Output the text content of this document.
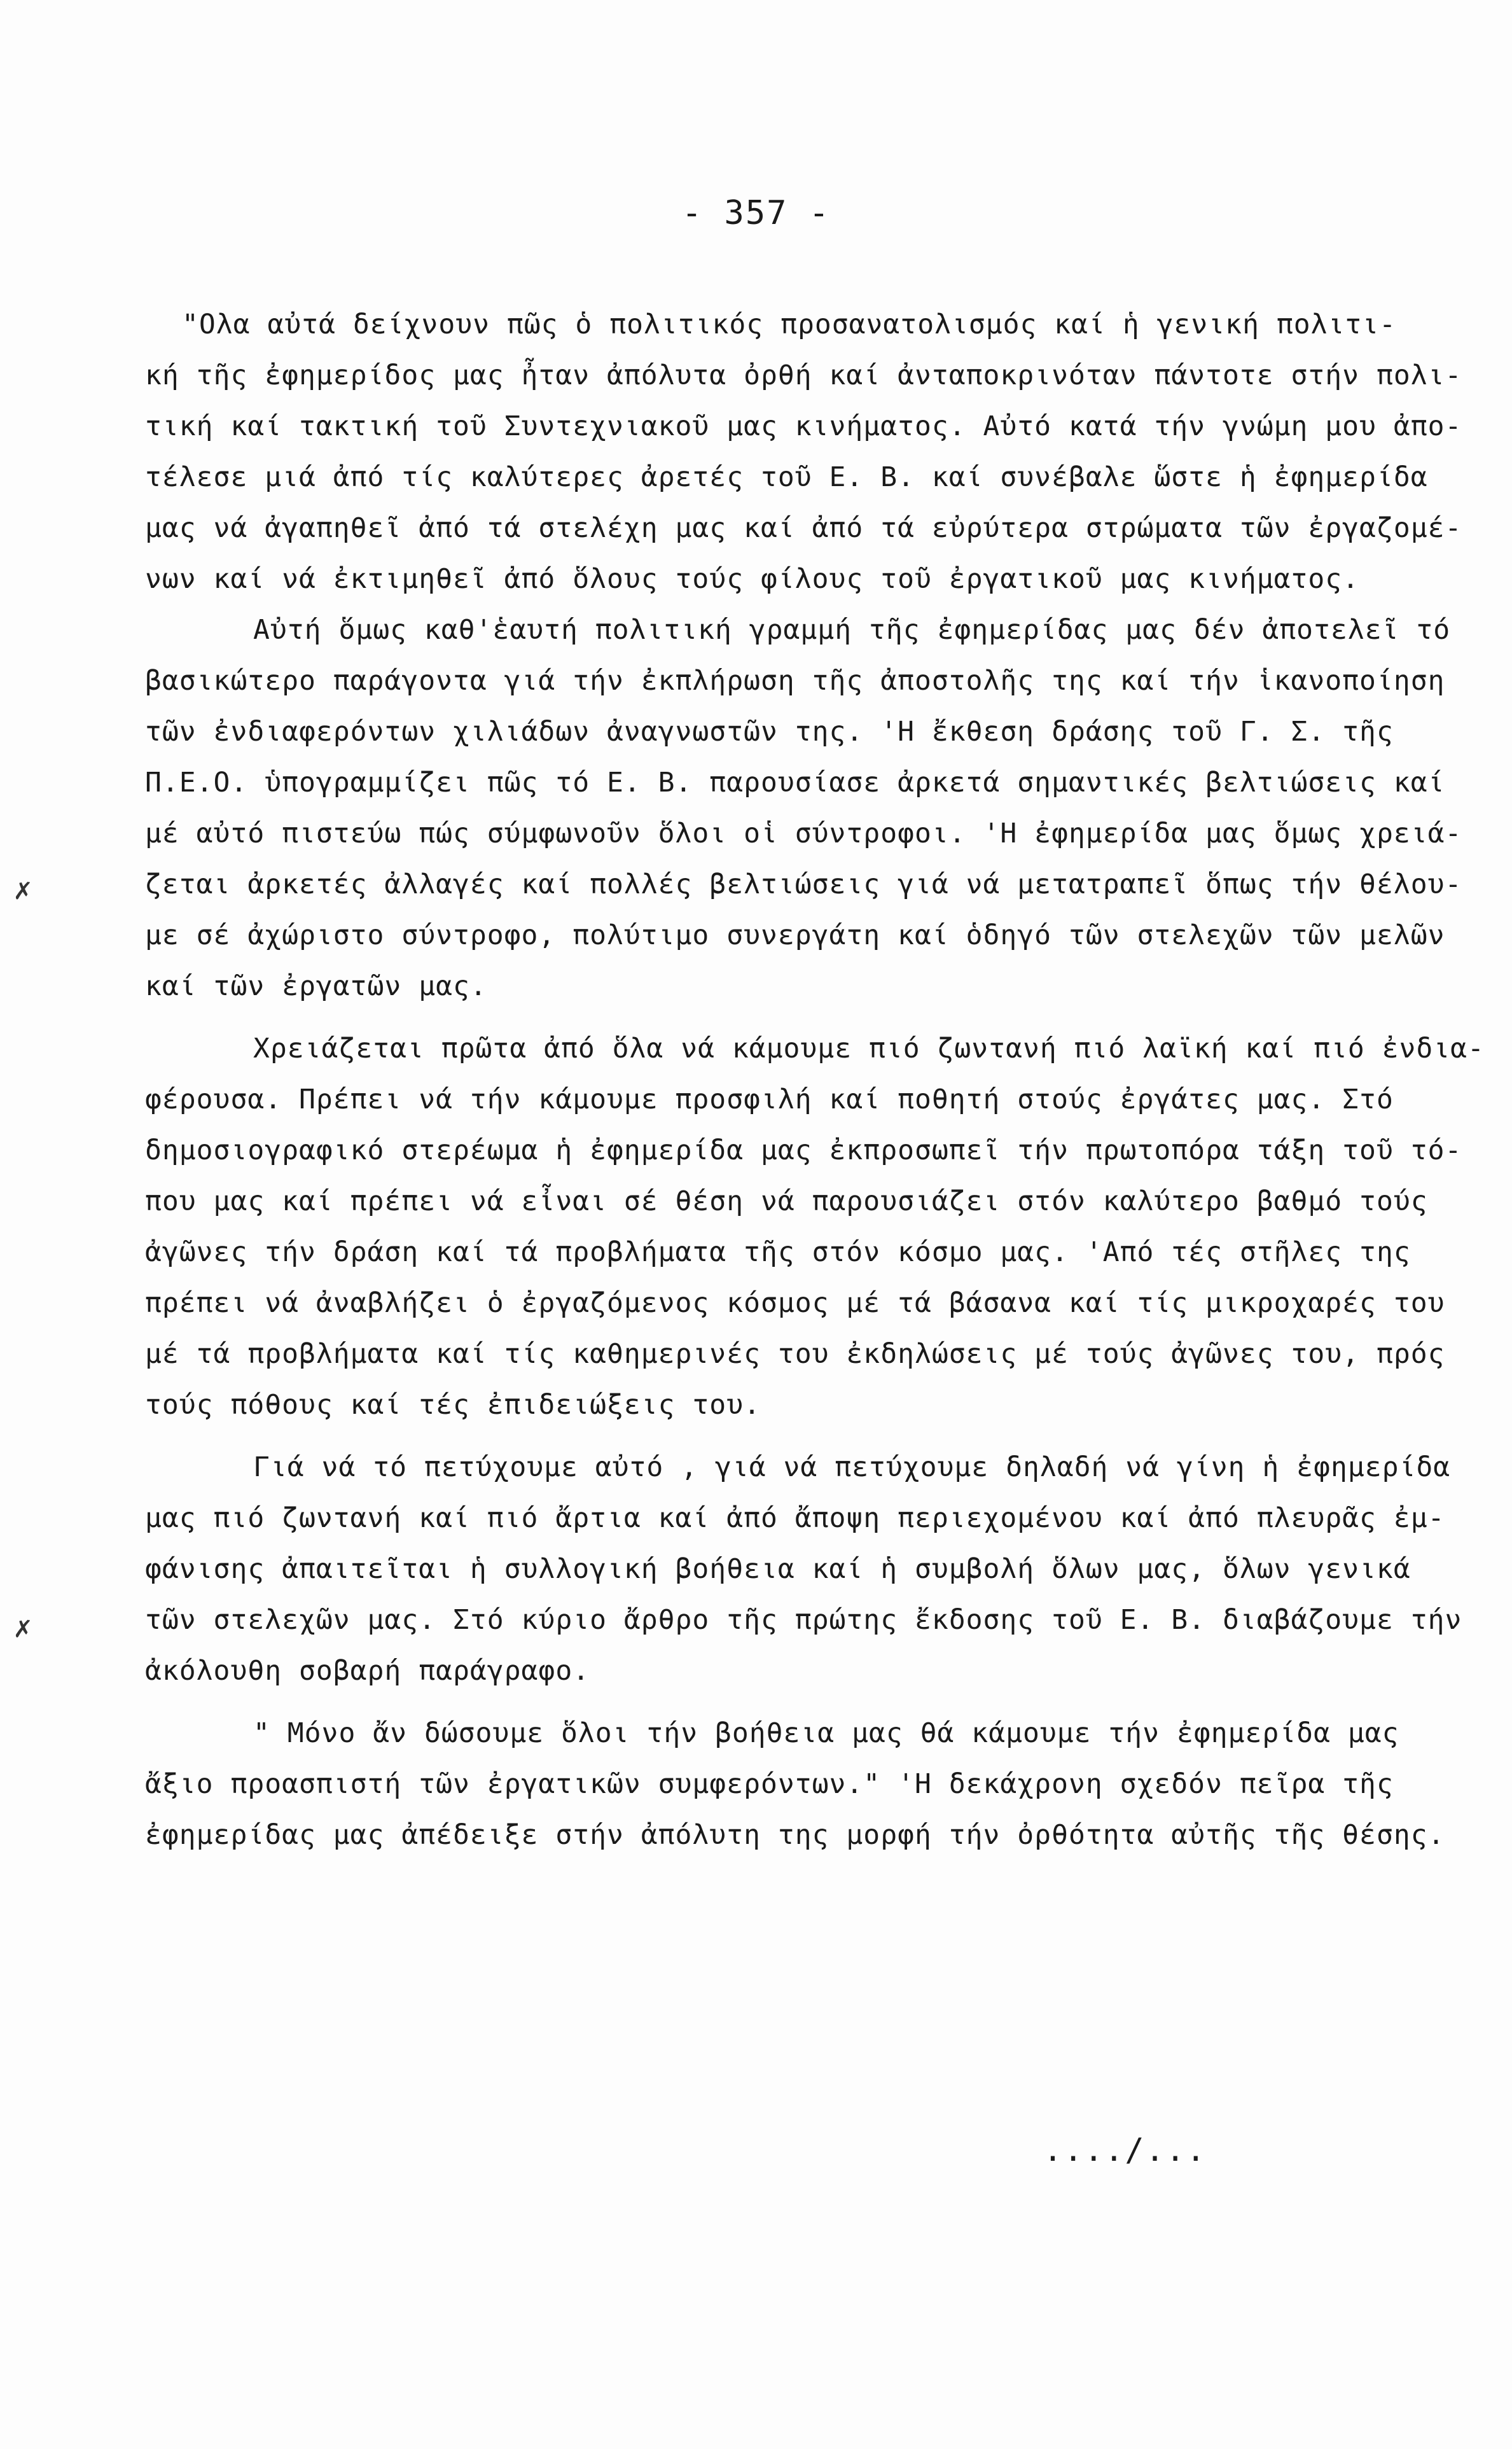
- 357 -
"Ολα αὐτά δείχνουν πῶς ὁ πολιτικός προσανατολισμός καί ἡ γενική πολιτι-
κή τῆς ἐφημερίδος μας ἦταν ἀπόλυτα ὀρθή καί ἀνταποκρινόταν πάντοτε στήν πολι-
τική καί τακτική τοῦ Συντεχνιακοῦ μας κινήματος. Αὐτό κατά τήν γνώμη μου ἀπο-
τέλεσε μιά ἀπό τίς καλύτερες ἀρετές τοῦ Ε. Β. καί συνέβαλε ὥστε ἡ ἐφημερίδα
μας νά ἀγαπηθεῖ ἀπό τά στελέχη μας καί ἀπό τά εὐρύτερα στρώματα τῶν ἐργαζομέ-
νων καί νά ἐκτιμηθεῖ ἀπό ὅλους τούς φίλους τοῦ ἐργατικοῦ μας κινήματος.
Αὐτή ὅμως καθ'ἑαυτή πολιτική γραμμή τῆς ἐφημερίδας μας δέν ἀποτελεῖ τό
βασικώτερο παράγοντα γιά τήν ἐκπλήρωση τῆς ἀποστολῆς της καί τήν ἱκανοποίηση
τῶν ἐνδιαφερόντων χιλιάδων ἀναγνωστῶν της. 'Η ἔκθεση δράσης τοῦ Γ. Σ. τῆς
Π.Ε.Ο. ὑπογραμμίζει πῶς τό Ε. Β. παρουσίασε ἀρκετά σημαντικές βελτιώσεις καί
μέ αὐτό πιστεύω πώς σύμφωνοῦν ὅλοι οἱ σύντροφοι. 'Η ἐφημερίδα μας ὅμως χρειά-
ζεται ἀρκετές ἀλλαγές καί πολλές βελτιώσεις γιά νά μετατραπεῖ ὅπως τήν θέλου-
με σέ ἀχώριστο σύντροφο, πολύτιμο συνεργάτη καί ὁδηγό τῶν στελεχῶν τῶν μελῶν
καί τῶν ἐργατῶν μας.
Χρειάζεται πρῶτα ἀπό ὅλα νά κάμουμε πιό ζωντανή πιό λαϊκή καί πιό ἐνδια-
φέρουσα. Πρέπει νά τήν κάμουμε προσφιλή καί ποθητή στούς ἐργάτες μας. Στό
δημοσιογραφικό στερέωμα ἡ ἐφημερίδα μας ἐκπροσωπεῖ τήν πρωτοπόρα τάξη τοῦ τό-
που μας καί πρέπει νά εἶναι σέ θέση νά παρουσιάζει στόν καλύτερο βαθμό τούς
ἀγῶνες τήν δράση καί τά προβλήματα τῆς στόν κόσμο μας. 'Από τές στῆλες της
πρέπει νά ἀναβλήζει ὁ ἐργαζόμενος κόσμος μέ τά βάσανα καί τίς μικροχαρές του
μέ τά προβλήματα καί τίς καθημερινές του ἐκδηλώσεις μέ τούς ἀγῶνες του, πρός
τούς πόθους καί τές ἐπιδειώξεις του.
Γιά νά τό πετύχουμε αὐτό , γιά νά πετύχουμε δηλαδή νά γίνη ἡ ἐφημερίδα
μας πιό ζωντανή καί πιό ἄρτια καί ἀπό ἄποψη περιεχομένου καί ἀπό πλευρᾶς ἐμ-
φάνισης ἀπαιτεῖται ἡ συλλογική βοήθεια καί ἡ συμβολή ὅλων μας, ὅλων γενικά
τῶν στελεχῶν μας. Στό κύριο ἄρθρο τῆς πρώτης ἔκδοσης τοῦ Ε. Β. διαβάζουμε τήν
ἀκόλουθη σοβαρή παράγραφο.
" Μόνο ἄν δώσουμε ὅλοι τήν βοήθεια μας θά κάμουμε τήν ἐφημερίδα μας
ἄξιο προασπιστή τῶν ἐργατικῶν συμφερόντων." 'Η δεκάχρονη σχεδόν πεῖρα τῆς
ἐφημερίδας μας ἀπέδειξε στήν ἀπόλυτη της μορφή τήν ὀρθότητα αὐτῆς τῆς θέσης.
..../...
✗
✗
